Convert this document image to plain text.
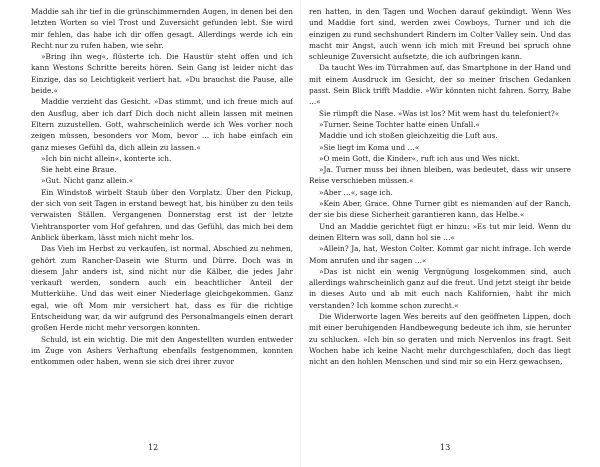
Maddie sah ihr tief in die grünschimmernden Augen, in denen bei den letzten Worten so viel Trost und Zuversicht gefunden lebt. Sie wird mir fehlen, das habe ich dir offen gesagt. Allerdings werde ich ein Recht nur zu rufen haben, wie sehr.

»Bring ihn weg«, flüsterte ich. Die Haustür steht offen und ich kann Westons Schritte bereits hören. Sein Gang ist leider nicht das Einzige, das so Leichtigkeit verliert hat. »Du brauchst die Pause, alle beide.«

Maddie verzieht das Gesicht. »Das stimmt, und ich freue mich auf den Ausflug, aber ich darf Dich doch nicht allein lassen mit meinen Eltern zuzustellen. Gott, wahrscheinlich werde ich Wes vorher noch zeigen müssen, besonders vor Mom, bevor … ich habe einfach ein ganz mieses Gefühl da, dich allein zu lassen.«

»Ich bin nicht allein«, konterte ich.

Sie hebt eine Braue.

»Gut. Nicht ganz allein.«

Ein Windstoß wirbelt Staub über den Vorplatz. Über den Pickup, der sich von seit Tagen in erstand bewegt hat, bis hinüber zu den teils verwaisten Ställen. Vergangenen Donnerstag erst ist der letzte Viehtransporter vom Hof gefahren, und das Gefühl, das mich bei dem Anblick überkam, lässt mich nicht mehr los.

Das Vieh im Herbst zu verkaufen, ist normal. Abschied zu nehmen, gehört zum Rancher-Dasein wie Sturm und Dürre. Doch was in diesem Jahr anders ist, sind nicht nur die Kälber, die jedes Jahr verkauft werden, sondern auch ein beachtlicher Anteil der Mutterkühe. Und das weit einer Niederlage gleichgekommen. Ganz egal, wie oft Mom mir versichert hat, dass es für die richtige Entscheidung war, da wir aufgrund des Personalmangels einen derart großen Herde nicht mehr versorgen konnten.

Schuld, ist ein wichtig. Die mit den Angestellten wurden entweder im Zuge von Ashers Verhaftung ebenfalls festgenommen, konnten entkommen oder haben, wenn sie sich drei ihrer zuvor

ren hatten, in den Tagen und Wochen darauf gekündigt. Wenn Wes und Maddie fort sind, werden zwei Cowboys, Turner und ich die einzigen zu rund sechshundert Rindern im Colter Valley sein. Und das macht mir Angst, auch wenn ich mich mit Freund bei spruch ohne schleunige Zuversicht aufsetzte, die ich aufbringen kann.

Da taucht Wes im Türrahmen auf, das Smartphone in der Hand und mit einem Ausdruck im Gesicht, der so meiner frischen Gedanken passt. Sein Blick trifft Maddie. »Wir könnten nicht fahren. Sorry, Babe …«

Sie rümpft die Nase. »Was ist los? Mit wem hast du telefoniert?«

»Turner. Seine Tochter hatte einen Unfall.«

Maddie und ich stoßen gleichzeitig die Luft aus.

»Sie liegt im Koma und …«

»O mein Gott, die Kinder«, ruft ich aus und Wes nickt.

»Ja. Turner muss bei ihnen bleiben, was bedeutet, dass wir unsere Reise verschieben müssen.«

»Aber …«, sage ich.

»Kein Aber, Grace. Ohne Turner gibt es niemanden auf der Ranch, der sie bis diese Sicherheit garantieren kann, das Helbe.«

Und an Maddie gerichtet fügt er hinzu: »Es tut mir leid. Wenn du deinen Eltern was soll, dann hol sie …«

»Allein? Ja, hat, Weston Colter. Kommt gar nicht infrage. Ich werde Mom anrufen und ihr sagen …«

»Das ist nicht ein wenig Vergnügung losgekommen sind, auch allerdings wahrscheinlich ganz auf die freut. Und jetzt steigt ihr beide in dieses Auto und ab mit euch nach Kalifornien, habt ihr mich verstanden? Ich komme schon zurecht.«

Die Widerworte lagen Wes bereits auf den geöffneten Lippen, doch mit einer beruhigenden Handbewegung bedeute ich ihm, sie herunter zu schlucken. »Ich bin so geraten und mich Nervenlos ins fragt. Seit Wochen habe ich keine Nacht mehr durchgeschlafen, doch das liegt nicht an den hohlen Menschen und sind mir so ein Herz gewachsen,

12	13
